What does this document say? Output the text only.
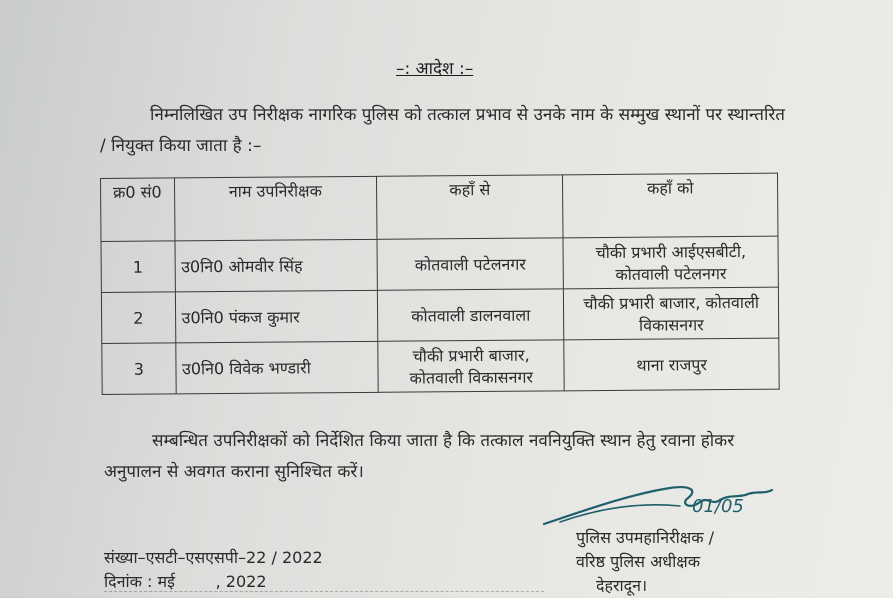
–: आदेश :–
निम्नलिखित उप निरीक्षक नागरिक पुलिस को तत्काल प्रभाव से उनके नाम के सम्मुख स्थानों पर स्थान्तरित / नियुक्त किया जाता है :–
क्र0 सं0	नाम उपनिरीक्षक	कहाँ से	कहाँ को
1	उ0नि0 ओमवीर सिंह	कोतवाली पटेलनगर	चौकी प्रभारी आईएसबीटी, कोतवाली पटेलनगर
2	उ0नि0 पंकज कुमार	कोतवाली डालनवाला	चौकी प्रभारी बाजार, कोतवाली विकासनगर
3	उ0नि0 विवेक भण्डारी	चौकी प्रभारी बाजार, कोतवाली विकासनगर	थाना राजपुर
सम्बन्धित उपनिरीक्षकों को निर्देशित किया जाता है कि तत्काल नवनियुक्ति स्थान हेतु रवाना होकर अनुपालन से अवगत कराना सुनिश्चित करें।
01/05
संख्या–एसटी–एसएसपी–22 / 2022
दिनांक : मई        , 2022
पुलिस उपमहानिरीक्षक /
वरिष्ठ पुलिस अधीक्षक
देहरादून।
